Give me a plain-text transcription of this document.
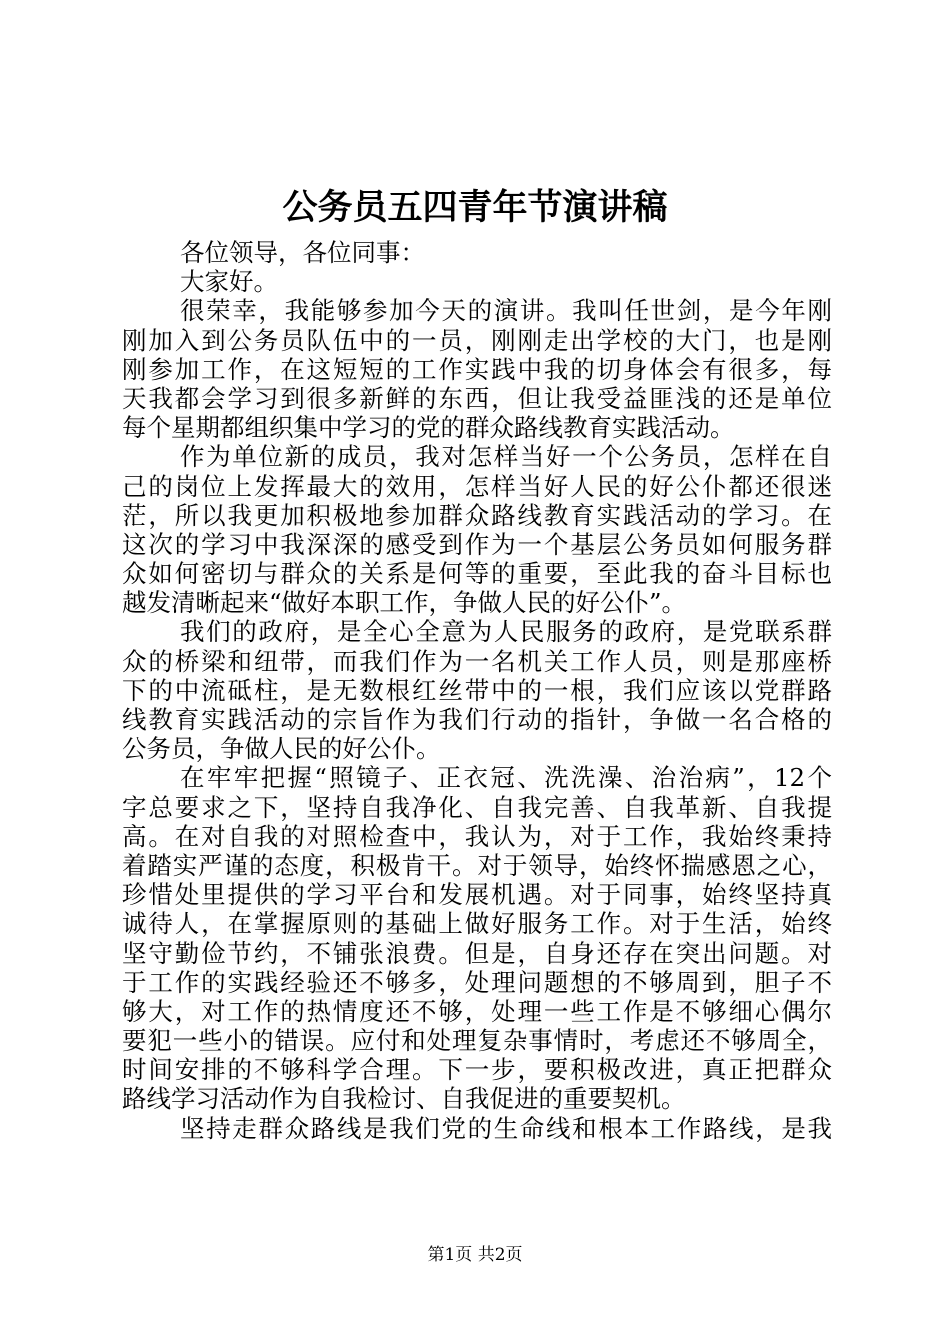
公务员五四青年节演讲稿
各位领导，各位同事：
大家好。
很荣幸，我能够参加今天的演讲。我叫任世剑，是今年刚
刚加入到公务员队伍中的一员，刚刚走出学校的大门，也是刚
刚参加工作，在这短短的工作实践中我的切身体会有很多，每
天我都会学习到很多新鲜的东西，但让我受益匪浅的还是单位
每个星期都组织集中学习的党的群众路线教育实践活动。
作为单位新的成员，我对怎样当好一个公务员，怎样在自
己的岗位上发挥最大的效用，怎样当好人民的好公仆都还很迷
茫，所以我更加积极地参加群众路线教育实践活动的学习。在
这次的学习中我深深的感受到作为一个基层公务员如何服务群
众如何密切与群众的关系是何等的重要，至此我的奋斗目标也
越发清晰起来“做好本职工作，争做人民的好公仆”。
我们的政府，是全心全意为人民服务的政府，是党联系群
众的桥梁和纽带，而我们作为一名机关工作人员，则是那座桥
下的中流砥柱，是无数根红丝带中的一根，我们应该以党群路
线教育实践活动的宗旨作为我们行动的指针，争做一名合格的
公务员，争做人民的好公仆。
在牢牢把握“照镜子、正衣冠、洗洗澡、治治病”，12个
字总要求之下，坚持自我净化、自我完善、自我革新、自我提
高。在对自我的对照检查中，我认为，对于工作，我始终秉持
着踏实严谨的态度，积极肯干。对于领导，始终怀揣感恩之心，
珍惜处里提供的学习平台和发展机遇。对于同事，始终坚持真
诚待人，在掌握原则的基础上做好服务工作。对于生活，始终
坚守勤俭节约，不铺张浪费。但是，自身还存在突出问题。对
于工作的实践经验还不够多，处理问题想的不够周到，胆子不
够大，对工作的热情度还不够，处理一些工作是不够细心偶尔
要犯一些小的错误。应付和处理复杂事情时，考虑还不够周全，
时间安排的不够科学合理。下一步，要积极改进，真正把群众
路线学习活动作为自我检讨、自我促进的重要契机。
坚持走群众路线是我们党的生命线和根本工作路线，是我
第1页 共2页
